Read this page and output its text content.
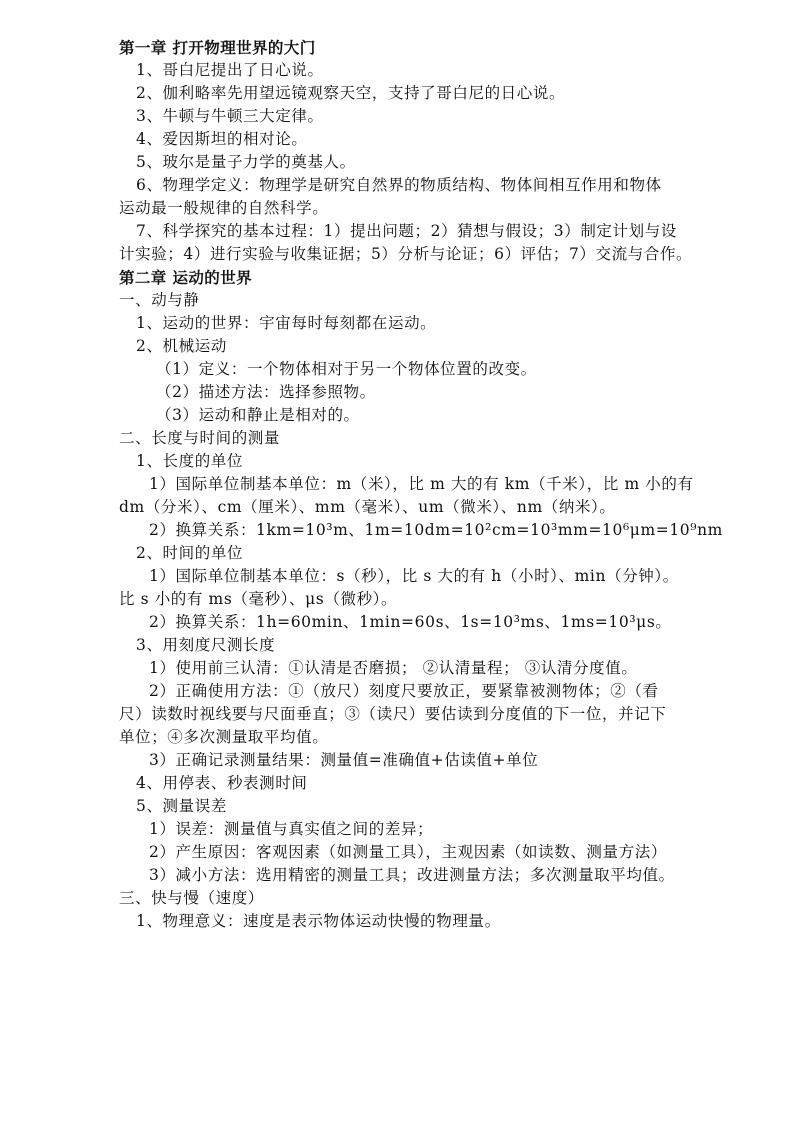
第一章 打开物理世界的大门
1、哥白尼提出了日心说。
2、伽利略率先用望远镜观察天空，支持了哥白尼的日心说。
3、牛顿与牛顿三大定律。
4、爱因斯坦的相对论。
5、玻尔是量子力学的奠基人。
6、物理学定义：物理学是研究自然界的物质结构、物体间相互作用和物体
运动最一般规律的自然科学。
7、科学探究的基本过程：1）提出问题；2）猜想与假设；3）制定计划与设
计实验；4）进行实验与收集证据；5）分析与论证；6）评估；7）交流与合作。
第二章 运动的世界
一、动与静
1、运动的世界：宇宙每时每刻都在运动。
2、机械运动
（1）定义：一个物体相对于另一个物体位置的改变。
（2）描述方法：选择参照物。
（3）运动和静止是相对的。
二、长度与时间的测量
1、长度的单位
1）国际单位制基本单位：m（米），比 m 大的有 km（千米），比 m 小的有
dm（分米）、cm（厘米）、mm（毫米）、um（微米）、nm（纳米）。
2）换算关系：1km=10³m、1m=10dm=10²cm=10³mm=10⁶μm=10⁹nm
2、时间的单位
1）国际单位制基本单位：s（秒），比 s 大的有 h（小时）、min（分钟）。
比 s 小的有 ms（毫秒）、μs（微秒）。
2）换算关系：1h=60min、1min=60s、1s=10³ms、1ms=10³μs。
3、用刻度尺测长度
1）使用前三认清：①认清是否磨损； ②认清量程； ③认清分度值。
2）正确使用方法：①（放尺）刻度尺要放正，要紧靠被测物体；②（看
尺）读数时视线要与尺面垂直；③（读尺）要估读到分度值的下一位，并记下
单位；④多次测量取平均值。
3）正确记录测量结果：测量值=准确值+估读值+单位
4、用停表、秒表测时间
5、测量误差
1）误差：测量值与真实值之间的差异；
2）产生原因：客观因素（如测量工具），主观因素（如读数、测量方法）
3）减小方法：选用精密的测量工具；改进测量方法；多次测量取平均值。
三、快与慢（速度）
1、物理意义：速度是表示物体运动快慢的物理量。
